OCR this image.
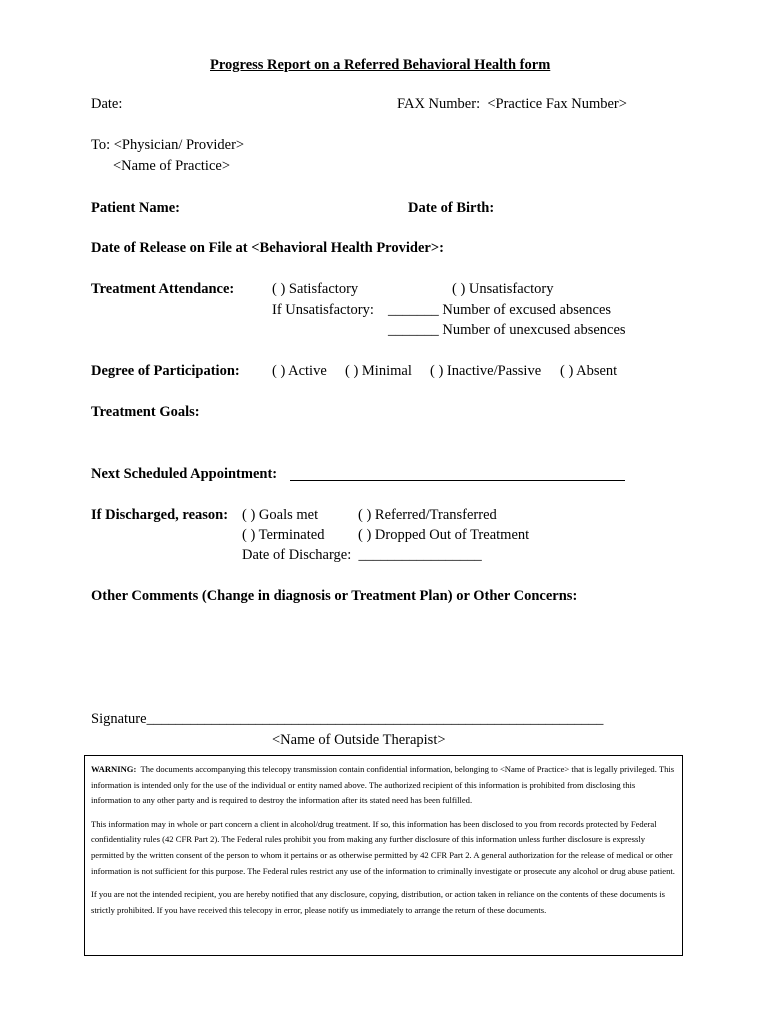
Progress Report on a Referred Behavioral Health form
Date:	FAX Number: <Practice Fax Number>
To: <Physician/ Provider>
<Name of Practice>
Patient Name:	Date of Birth:
Date of Release on File at <Behavioral Health Provider>:
Treatment Attendance:	( ) Satisfactory	( ) Unsatisfactory
If Unsatisfactory: _______ Number of excused absences
_______ Number of unexcused absences
Degree of Participation: ( ) Active ( ) Minimal ( ) Inactive/Passive ( ) Absent
Treatment Goals:
Next Scheduled Appointment:
If Discharged, reason: ( ) Goals met	( ) Referred/Transferred
( ) Terminated ( ) Dropped Out of Treatment
Date of Discharge: _________________
Other Comments (Change in diagnosis or Treatment Plan) or Other Concerns:
Signature_______________________________________________________________
<Name of Outside Therapist>

WARNING: The documents accompanying this telecopy transmission contain confidential information, belonging to <Name of Practice> that is legally privileged. This information is intended only for the use of the individual or entity named above. The authorized recipient of this information is prohibited from disclosing this information to any other party and is required to destroy the information after its stated need has been fulfilled.

This information may in whole or part concern a client in alcohol/drug treatment. If so, this information has been disclosed to you from records protected by Federal confidentiality rules (42 CFR Part 2). The Federal rules prohibit you from making any further disclosure of this information unless further disclosure is expressly permitted by the written consent of the person to whom it pertains or as otherwise permitted by 42 CFR Part 2. A general authorization for the release of medical or other information is not sufficient for this purpose. The Federal rules restrict any use of the information to criminally investigate or prosecute any alcohol or drug abuse patient.

If you are not the intended recipient, you are hereby notified that any disclosure, copying, distribution, or action taken in reliance on the contents of these documents is strictly prohibited. If you have received this telecopy in error, please notify us immediately to arrange the return of these documents.
